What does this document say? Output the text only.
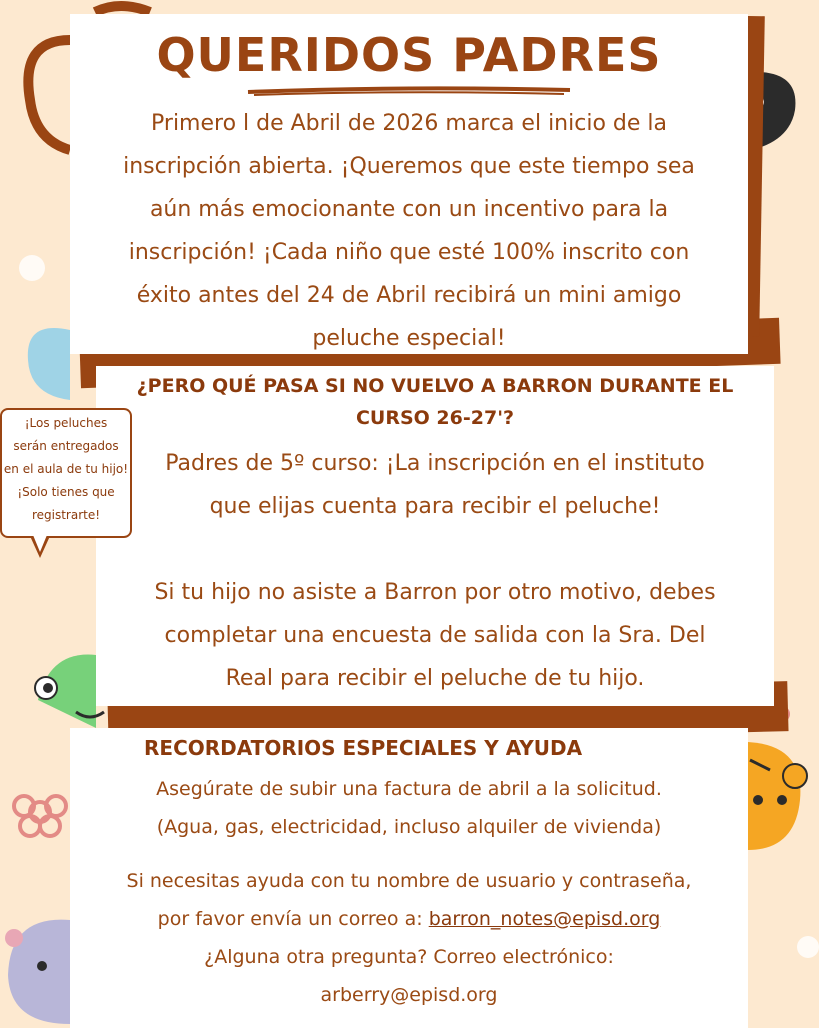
QUERIDOS PADRES
Primero l de Abril de 2026 marca el inicio de la
inscripción abierta. ¡Queremos que este tiempo sea
aún más emocionante con un incentivo para la
inscripción! ¡Cada niño que esté 100% inscrito con
éxito antes del 24 de Abril recibirá un mini amigo
peluche especial!
¿PERO QUÉ PASA SI NO VUELVO A BARRON DURANTE EL
CURSO 26-27'?
Padres de 5º curso: ¡La inscripción en el instituto
que elijas cuenta para recibir el peluche!
Si tu hijo no asiste a Barron por otro motivo, debes
completar una encuesta de salida con la Sra. Del
Real para recibir el peluche de tu hijo.
¡Los peluches
serán entregados
en el aula de tu hijo!
¡Solo tienes que
registrarte!
RECORDATORIOS ESPECIALES Y AYUDA
Asegúrate de subir una factura de abril a la solicitud.
(Agua, gas, electricidad, incluso alquiler de vivienda)
Si necesitas ayuda con tu nombre de usuario y contraseña,
por favor envía un correo a: barron_notes@episd.org
¿Alguna otra pregunta? Correo electrónico:
arberry@episd.org
